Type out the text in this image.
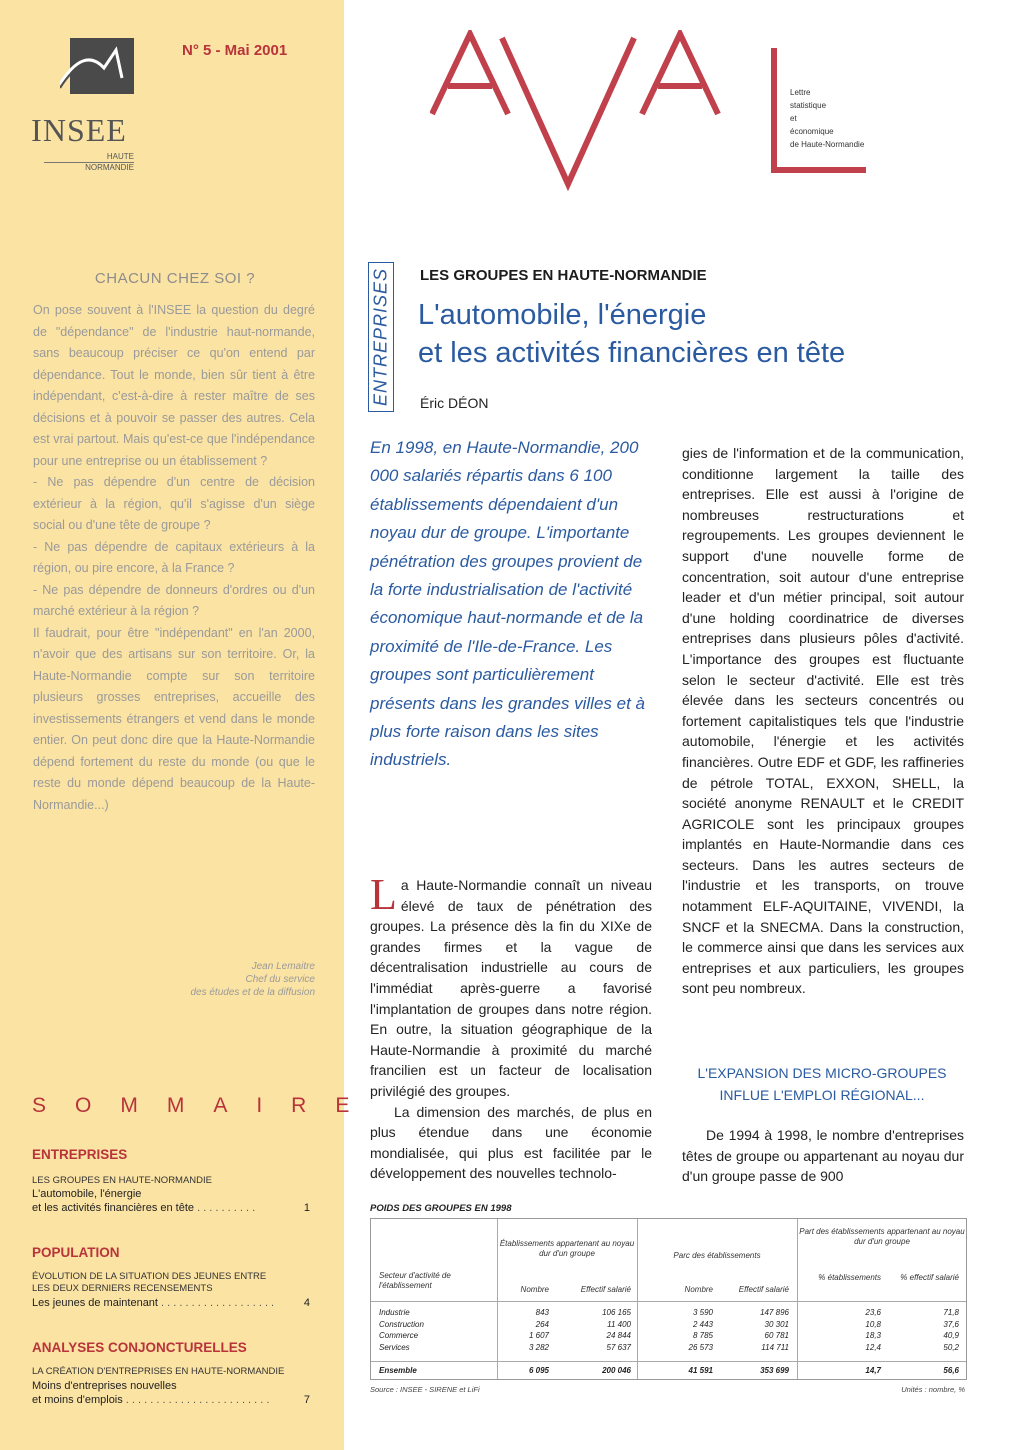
INSEE
HAUTE
NORMANDIE
N° 5 - Mai 2001
CHACUN CHEZ SOI ?

On pose souvent à l'INSEE la question du degré de "dépendance" de l'industrie haut-normande, sans beaucoup préciser ce qu'on entend par dépendance. Tout le monde, bien sûr tient à être indépendant, c'est-à-dire à rester maître de ses décisions et à pouvoir se passer des autres. Cela est vrai partout. Mais qu'est-ce que l'indépendance pour une entreprise ou un établissement ?

- Ne pas dépendre d'un centre de décision extérieur à la région, qu'il s'agisse d'un siège social ou d'une tête de groupe ?

- Ne pas dépendre de capitaux extérieurs à la région, ou pire encore, à la France ?

- Ne pas dépendre de donneurs d'ordres ou d'un marché extérieur à la région ?

Il faudrait, pour être "indépendant" en l'an 2000, n'avoir que des artisans sur son territoire. Or, la Haute-Normandie compte sur son territoire plusieurs grosses entreprises, accueille des investissements étrangers et vend dans le monde entier. On peut donc dire que la Haute-Normandie dépend fortement du reste du monde (ou que le reste du monde dépend beaucoup de la Haute-Normandie...)

Jean Lemaitre
Chef du service
des études et de la diffusion
SOMMAIRE
ENTREPRISES
LES GROUPES EN HAUTE-NORMANDIE
L'automobile, l'énergie
et les activités financières en tête . . . . . . . . . .	1
POPULATION
ÉVOLUTION DE LA SITUATION DES JEUNES ENTRE LES DEUX DERNIERS RECENSEMENTS
Les jeunes de maintenant . . . . . . . . . . . . . . . . . . .	4
ANALYSES CONJONCTURELLES
LA CRÉATION D'ENTREPRISES EN HAUTE-NORMANDIE
Moins d'entreprises nouvelles
et moins d'emplois . . . . . . . . . . . . . . . . . . . . . . . .	7
Lettre
statistique
et
économique
de Haute-Normandie
ENTREPRISES LES GROUPES EN HAUTE-NORMANDIE
L'automobile, l'énergie
et les activités financières en tête
Éric DÉON
En 1998, en Haute-Normandie, 200 000 salariés répartis dans 6 100 établissements dépendaient d'un noyau dur de groupe. L'importante pénétration des groupes provient de la forte industrialisation de l'activité économique haut-normande et de la proximité de l'Ile-de-France. Les groupes sont particulièrement présents dans les grandes villes et à plus forte raison dans les sites industriels.

La Haute-Normandie connaît un niveau élevé de taux de pénétration des groupes. La présence dès la fin du XIXe de grandes firmes et la vague de décentralisation industrielle au cours de l'immédiat après-guerre a favorisé l'implantation de groupes dans notre région. En outre, la situation géographique de la Haute-Normandie à proximité du marché francilien est un facteur de localisation privilégié des groupes.

La dimension des marchés, de plus en plus étendue dans une économie mondialisée, qui plus est facilitée par le développement des nouvelles technolo-

gies de l'information et de la communication, conditionne largement la taille des entreprises. Elle est aussi à l'origine de nombreuses restructurations et regroupements. Les groupes deviennent le support d'une nouvelle forme de concentration, soit autour d'une entreprise leader et d'un métier principal, soit autour d'une holding coordinatrice de diverses entreprises dans plusieurs pôles d'activité. L'importance des groupes est fluctuante selon le secteur d'activité. Elle est très élevée dans les secteurs concentrés ou fortement capitalistiques tels que l'industrie automobile, l'énergie et les activités financières. Outre EDF et GDF, les raffineries de pétrole TOTAL, EXXON, SHELL, la société anonyme RENAULT et le CREDIT AGRICOLE sont les principaux groupes implantés en Haute-Normandie dans ces secteurs. Dans les autres secteurs de l'industrie et les transports, on trouve notamment ELF-AQUITAINE, VIVENDI, la SNCF et la SNECMA. Dans la construction, le commerce ainsi que dans les services aux entreprises et aux particuliers, les groupes sont peu nombreux.

L'EXPANSION DES MICRO-GROUPES
INFLUE L'EMPLOI RÉGIONAL...

De 1994 à 1998, le nombre d'entreprises têtes de groupe ou appartenant au noyau dur d'un groupe passe de 900

POIDS DES GROUPES EN 1998
Établissements appartenant au noyau dur d'un groupe	Parc des établissements
Part des établissements appartenant au noyau dur d'un groupe
Secteur d'activité de l'établissement	Nombre	Effectif salarié	Nombre	Effectif salarié
% établissements	% effectif salarié
Industrie	843	106 165	3 590	147 896	23,6	71,8
Construction	264	11 400	2 443	30 301	10,8	37,6
Commerce	1 607	24 844	8 785	60 781	18,3	40,9
Services	3 282	57 637	26 573	114 711	12,4	50,2
Ensemble	6 095	200 046	41 591	353 699	14,7	56,6
Source : INSEE - SIRENE et LiFi	Unités : nombre, %
